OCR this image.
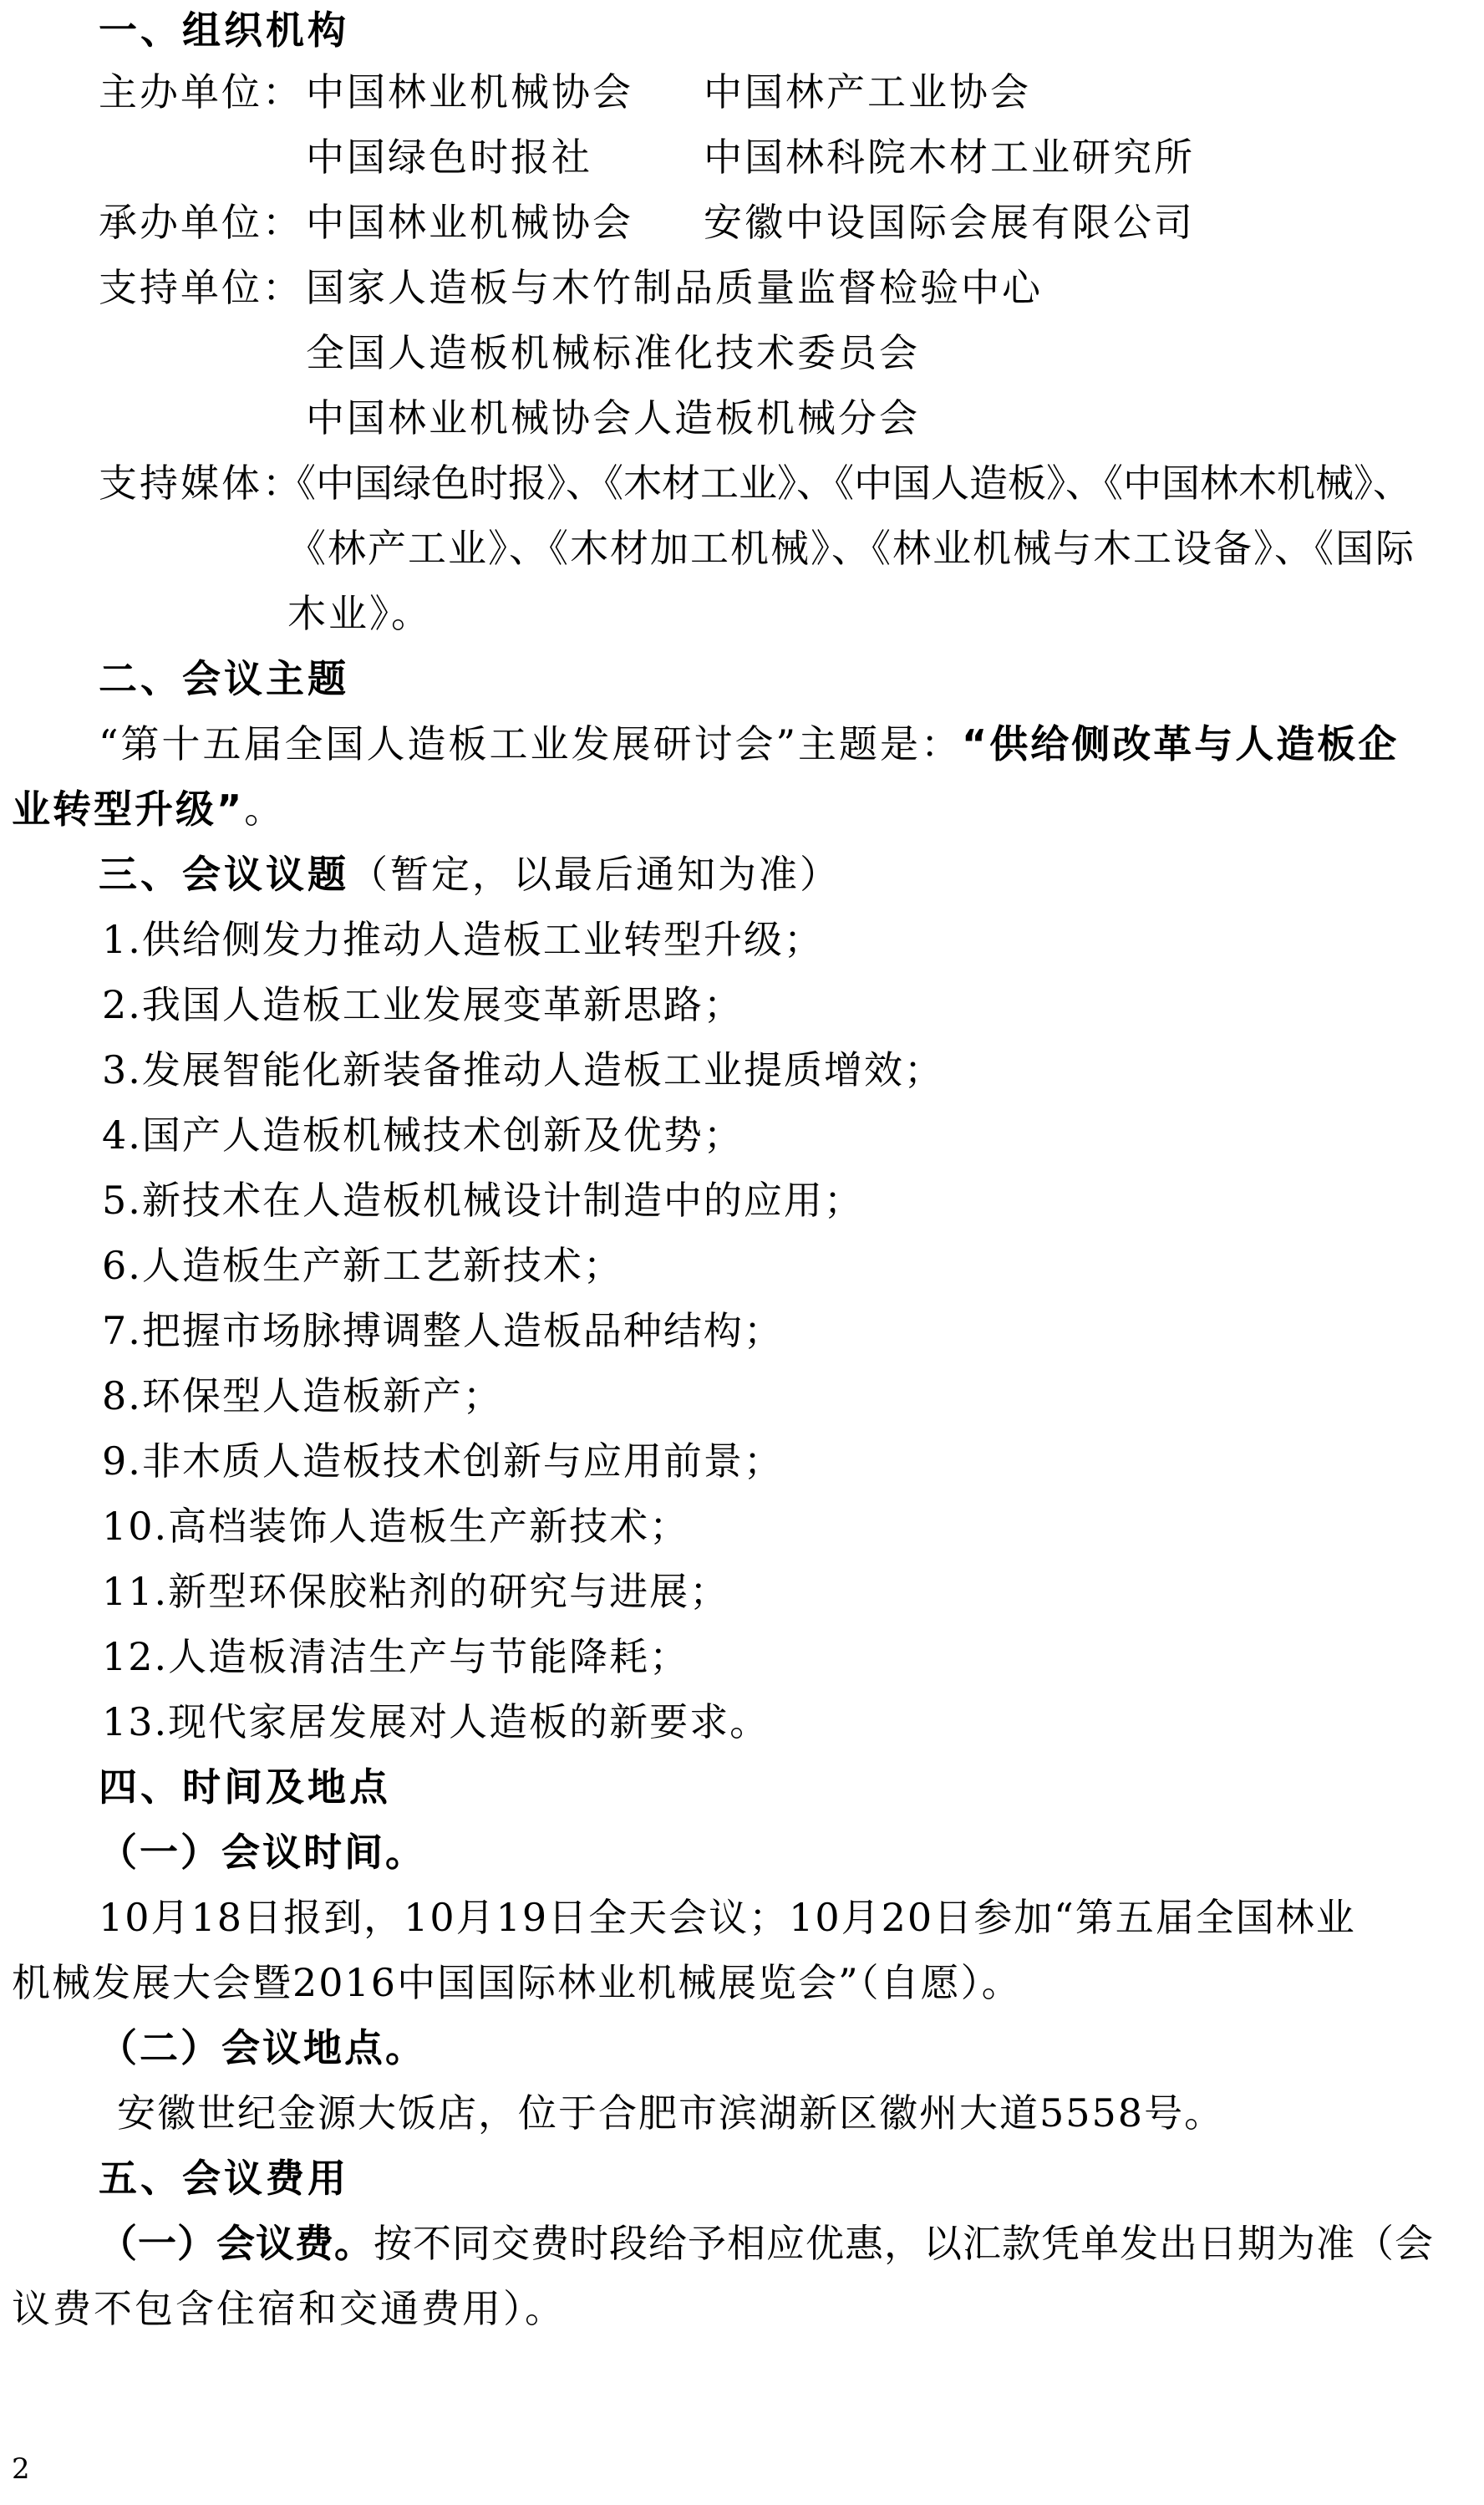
一、组织机构
主办单位： 中国林业机械协会 中国林产工业协会
中国绿色时报社	中国林科院木材工业研究所
承办单位： 中国林业机械协会 安徽中设国际会展有限公司
支持单位： 国家人造板与木竹制品质量监督检验中心
全国人造板机械标准化技术委员会
中国林业机械协会人造板机械分会
支持媒体：
《中国绿色时报》、《木材工业》、《中国人造板》、《中国林木机械》、
《林产工业》、《木材加工机械》、《林业机械与木工设备》、《国际
木业》。
二、会议主题
“第十五届全国人造板工业发展研讨会”主题是：“供给侧改革与人造板企
业转型升级”。
三、会议议题（暂定，以最后通知为准）
1.供给侧发力推动人造板工业转型升级；
2.我国人造板工业发展变革新思路；
3.发展智能化新装备推动人造板工业提质增效；
4.国产人造板机械技术创新及优势；
5.新技术在人造板机械设计制造中的应用；
6.人造板生产新工艺新技术；
7.把握市场脉搏调整人造板品种结构；
8.环保型人造板新产；
9.非木质人造板技术创新与应用前景；
10.高档装饰人造板生产新技术；
11.新型环保胶粘剂的研究与进展；
12.人造板清洁生产与节能降耗；
13.现代家居发展对人造板的新要求。
四、时间及地点
（一）会议时间。
10月18日报到，10月19日全天会议；10月20日参加“第五届全国林业
机械发展大会暨2016中国国际林业机械展览会”（自愿）。
（二）会议地点。
安徽世纪金源大饭店，位于合肥市滨湖新区徽州大道5558号。
五、会议费用
（一）会议费。按不同交费时段给予相应优惠，以汇款凭单发出日期为准（会
议费不包含住宿和交通费用）。
2
